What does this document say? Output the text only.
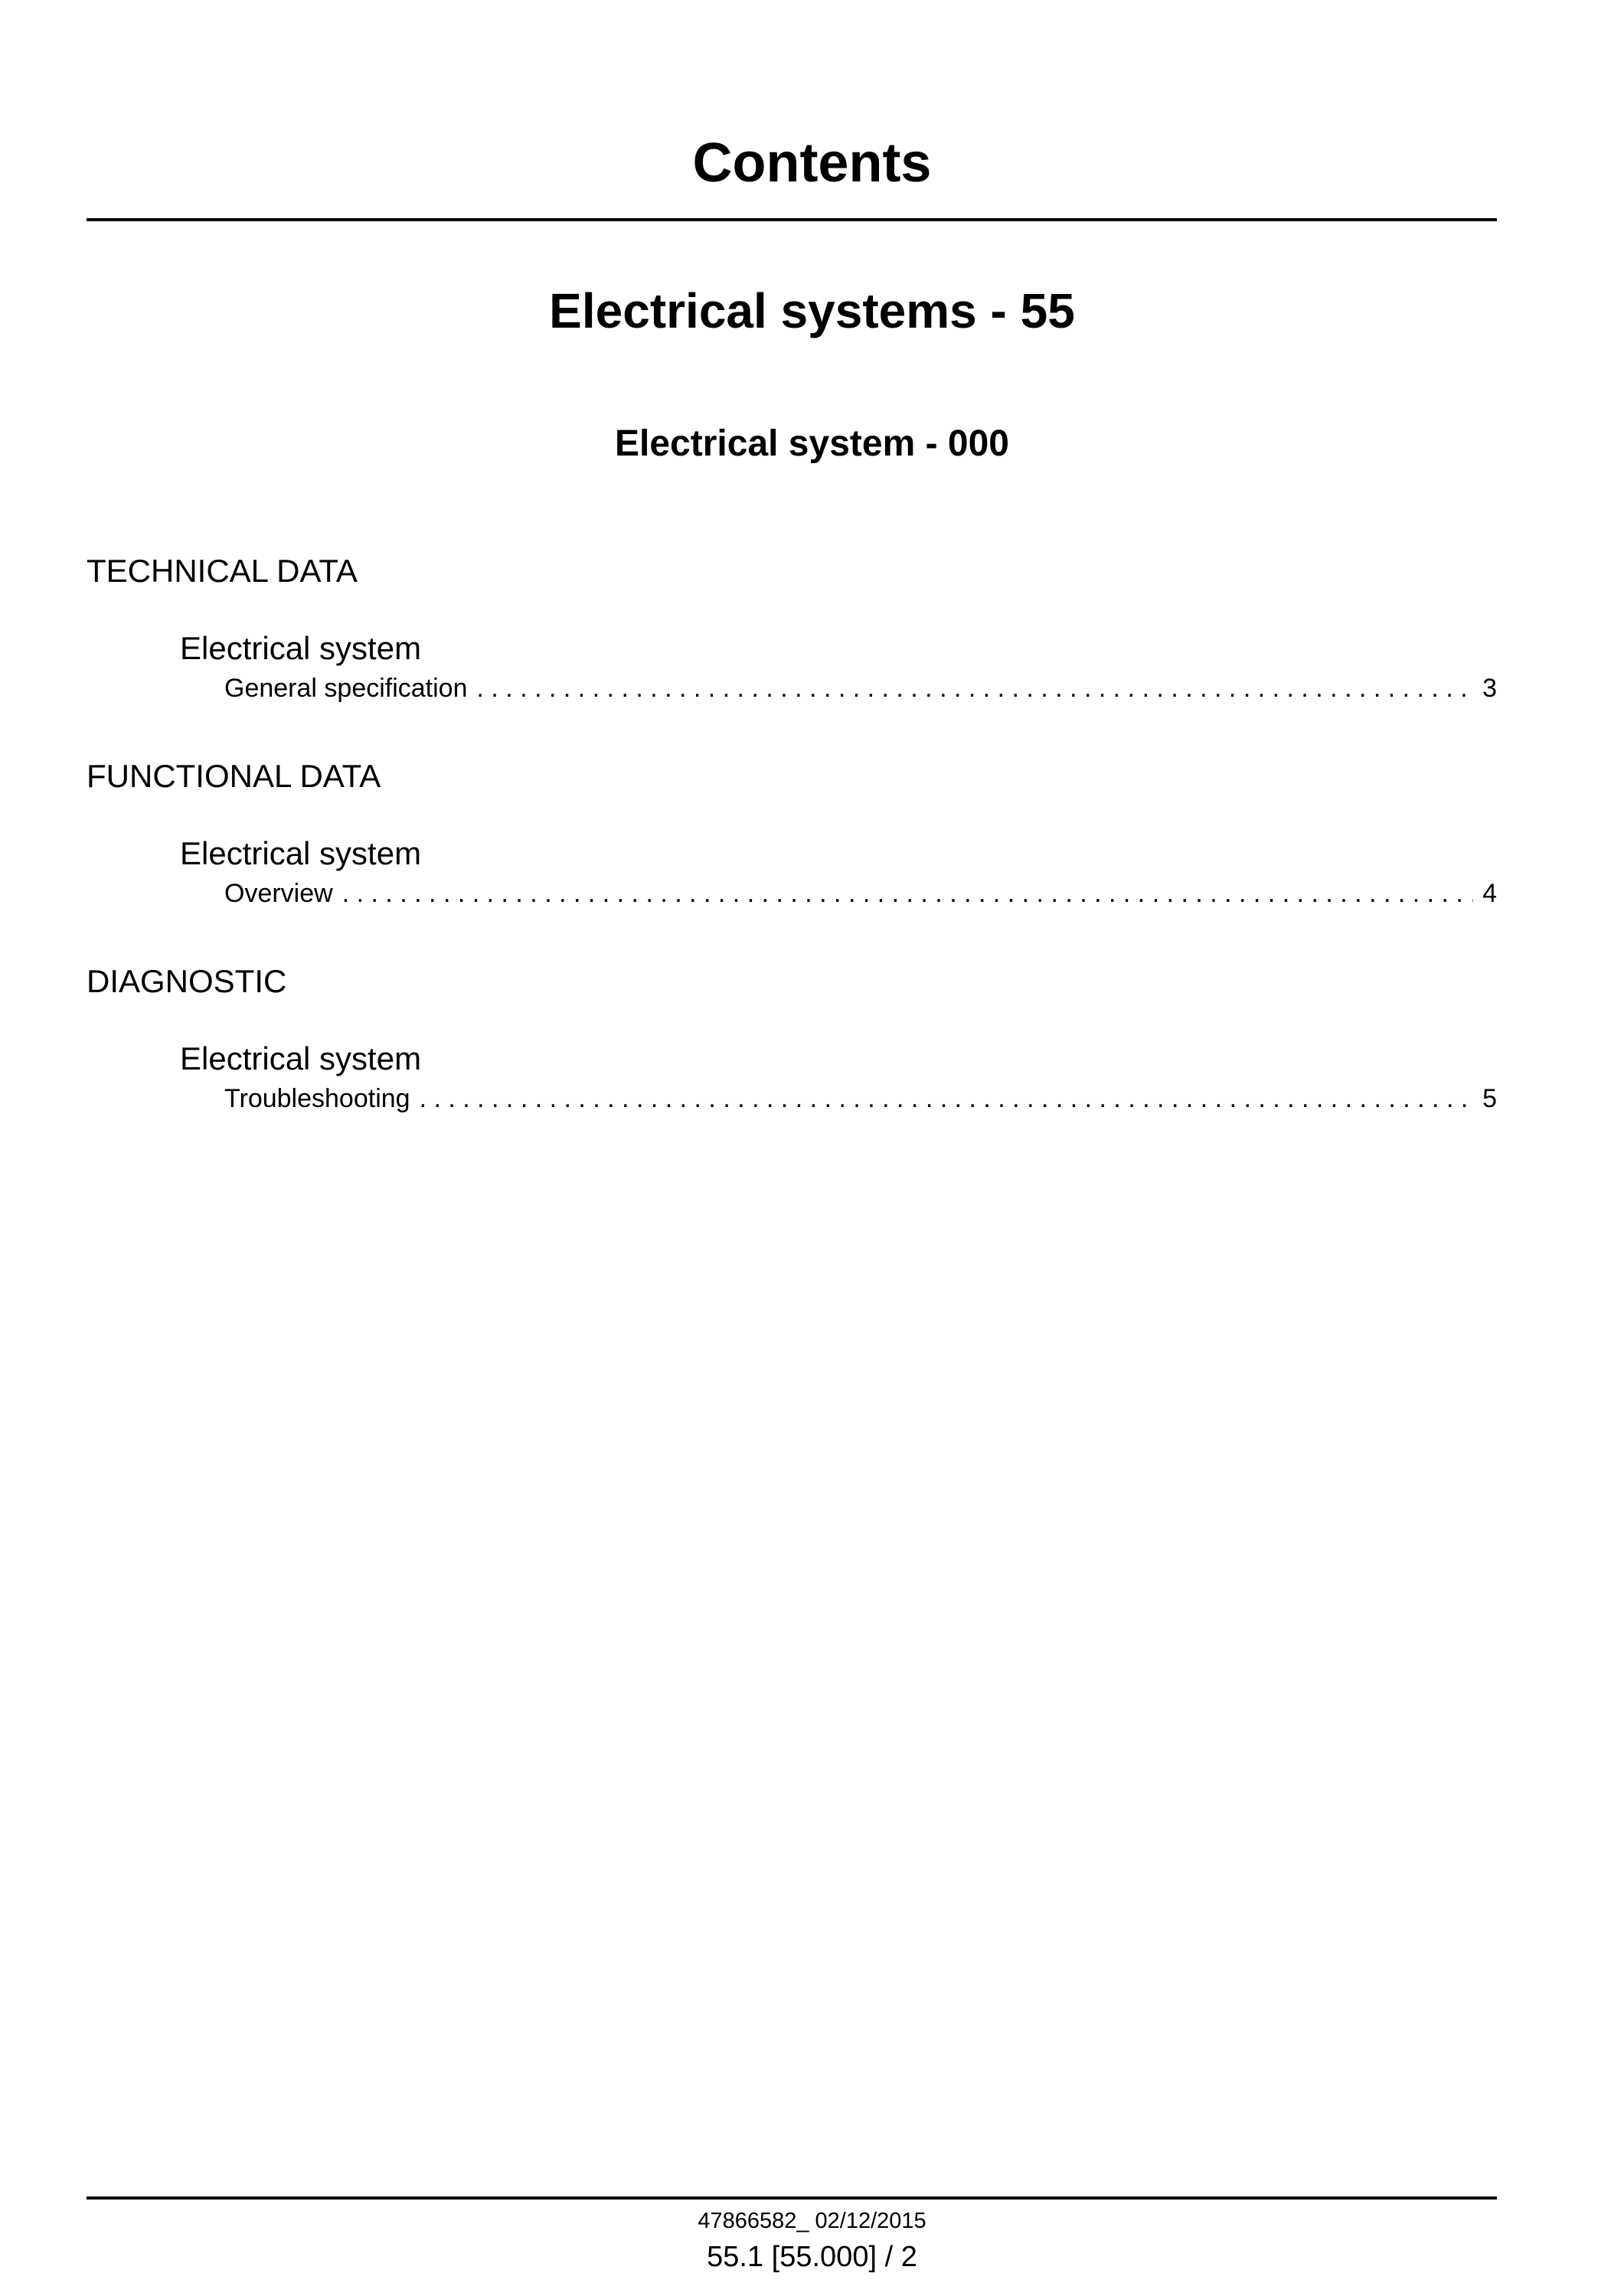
Contents
Electrical systems - 55
Electrical system - 000
TECHNICAL DATA
Electrical system
General specification . . .	3
FUNCTIONAL DATA
Electrical system
Overview . . .	4
DIAGNOSTIC
Electrical system
Troubleshooting . . .	5

47866582_ 02/12/2015

55.1 [55.000] / 2
